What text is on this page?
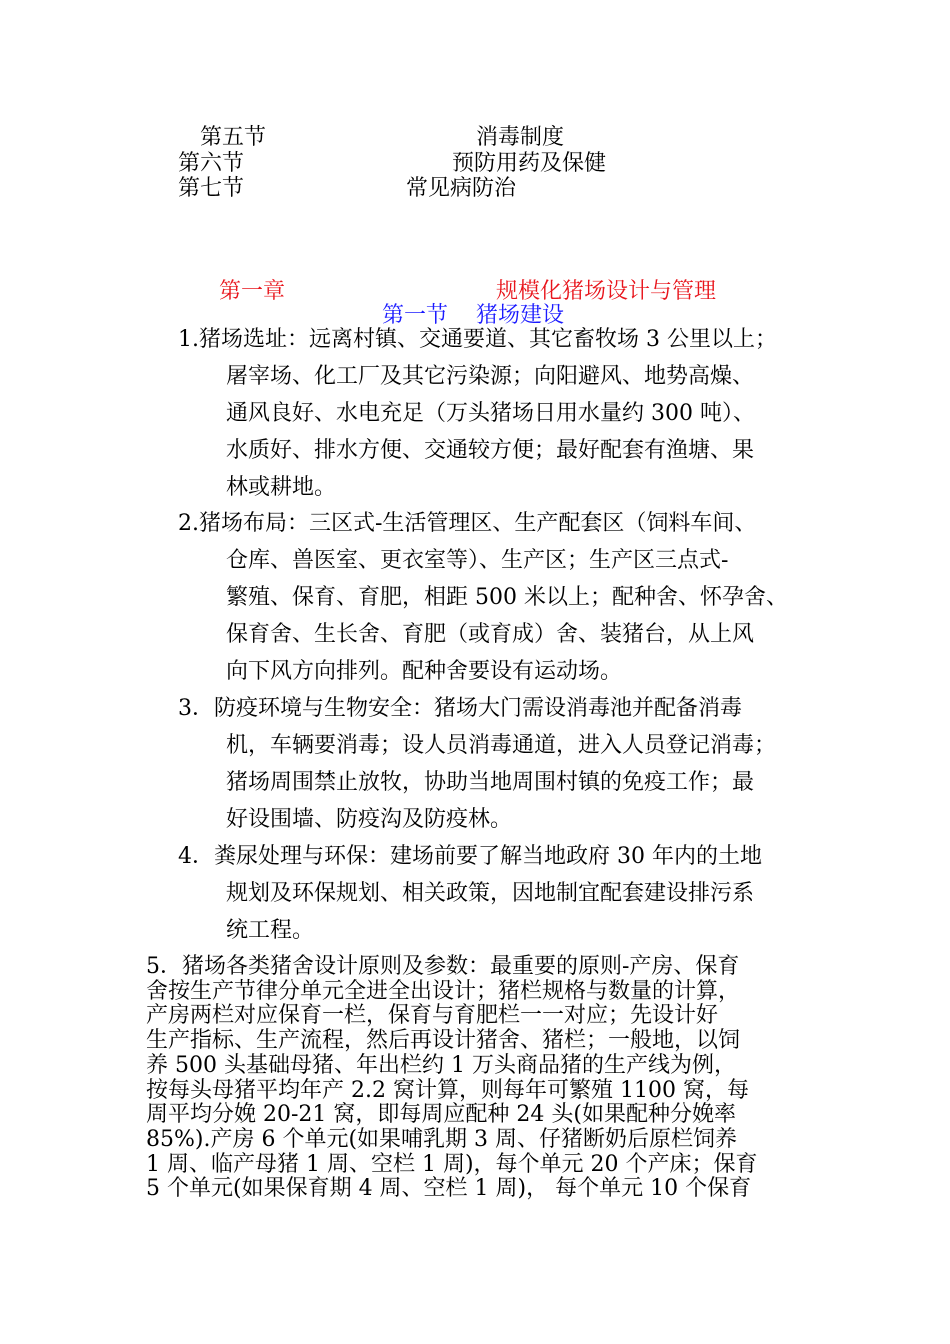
第五节	消毒制度
第六节	预防用药及保健
第七节	常见病防治
第一章	规模化猪场设计与管理
第一节 猪场建设
1.猪场选址：远离村镇、交通要道、其它畜牧场 3 公里以上；
屠宰场、化工厂及其它污染源；向阳避风、地势高燥、
通风良好、水电充足（万头猪场日用水量约 300 吨）、
水质好、排水方便、交通较方便；最好配套有渔塘、果
林或耕地。
2.猪场布局：三区式-生活管理区、生产配套区（饲料车间、
仓库、兽医室、更衣室等）、生产区；生产区三点式-
繁殖、保育、育肥，相距 500 米以上；配种舍、怀孕舍、
保育舍、生长舍、育肥（或育成）舍、装猪台，从上风
向下风方向排列。配种舍要设有运动场。
3．防疫环境与生物安全：猪场大门需设消毒池并配备消毒
机，车辆要消毒；设人员消毒通道，进入人员登记消毒；
猪场周围禁止放牧，协助当地周围村镇的免疫工作；最
好设围墙、防疫沟及防疫林。
4．粪尿处理与环保：建场前要了解当地政府 30 年内的土地
规划及环保规划、相关政策，因地制宜配套建设排污系
统工程。
5．猪场各类猪舍设计原则及参数：最重要的原则-产房、保育
舍按生产节律分单元全进全出设计；猪栏规格与数量的计算，
产房两栏对应保育一栏，保育与育肥栏一一对应；先设计好
生产指标、生产流程，然后再设计猪舍、猪栏；一般地，以饲
养 500 头基础母猪、年出栏约 1 万头商品猪的生产线为例，
按每头母猪平均年产 2.2 窝计算，则每年可繁殖 1100 窝，每
周平均分娩 20-21 窝，即每周应配种 24 头(如果配种分娩率
85%).产房 6 个单元(如果哺乳期 3 周、仔猪断奶后原栏饲养
1 周、临产母猪 1 周、空栏 1 周)，每个单元 20 个产床；保育
5 个单元(如果保育期 4 周、空栏 1 周)， 每个单元 10 个保育
